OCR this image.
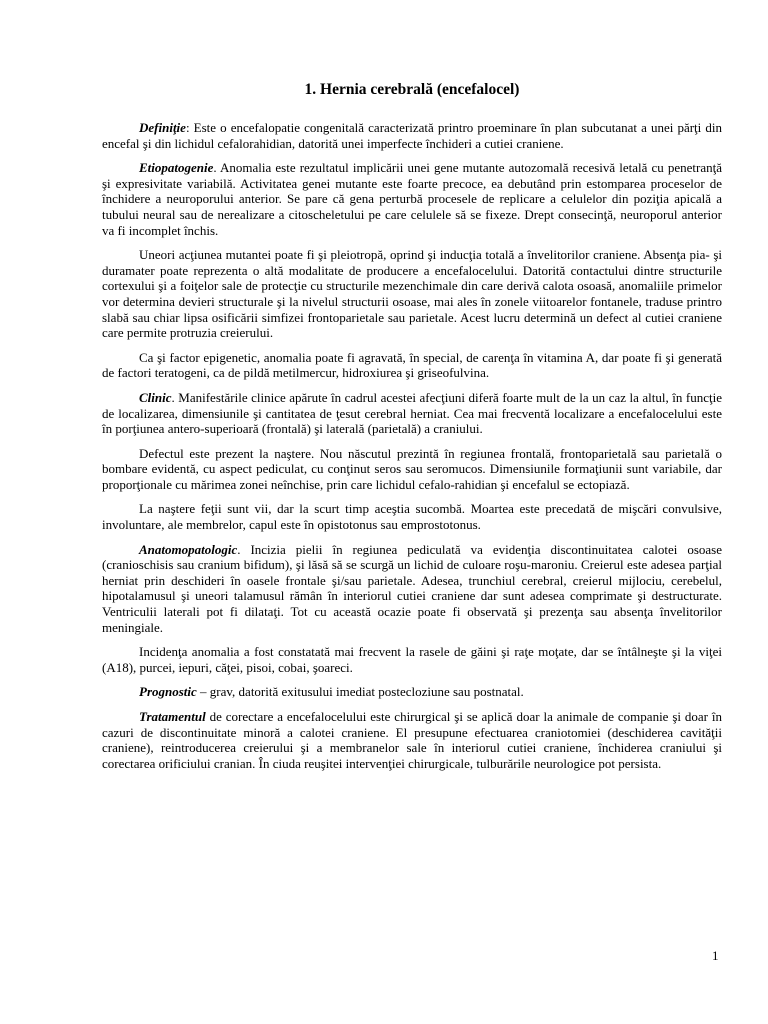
1. Hernia cerebrală (encefalocel)

Definiţie: Este o encefalopatie congenitală caracterizată printro proeminare în plan subcutanat a unei părţi din encefal şi din lichidul cefalorahidian, datorită unei imperfecte închideri a cutiei craniene.

Etiopatogenie. Anomalia este rezultatul implicării unei gene mutante autozomală recesivă letală cu penetranţă şi expresivitate variabilă. Activitatea genei mutante este foarte precoce, ea debutând prin estomparea proceselor de închidere a neuroporului anterior. Se pare că gena perturbă procesele de replicare a celulelor din poziţia apicală a tubului neural sau de nerealizare a citoscheletului pe care celulele să se fixeze. Drept consecinţă, neuroporul anterior va fi incomplet închis.

Uneori acţiunea mutantei poate fi şi pleiotropă, oprind şi inducţia totală a învelitorilor craniene. Absenţa pia- şi duramater poate reprezenta o altă modalitate de producere a encefalocelului. Datorită contactului dintre structurile cortexului şi a foiţelor sale de protecţie cu structurile mezenchimale din care derivă calota osoasă, anomaliile primelor vor determina devieri structurale şi la nivelul structurii osoase, mai ales în zonele viitoarelor fontanele, traduse printro slabă sau chiar lipsa osificării simfizei frontoparietale sau parietale. Acest lucru determină un defect al cutiei craniene care permite protruzia creierului.

Ca şi factor epigenetic, anomalia poate fi agravată, în special, de carenţa în vitamina A, dar poate fi şi generată de factori teratogeni, ca de pildă metilmercur, hidroxiurea şi griseofulvina.

Clinic. Manifestările clinice apărute în cadrul acestei afecţiuni diferă foarte mult de la un caz la altul, în funcţie de localizarea, dimensiunile şi cantitatea de ţesut cerebral herniat. Cea mai frecventă localizare a encefalocelului este în porţiunea antero-superioară (frontală) şi laterală (parietală) a craniului.

Defectul este prezent la naştere. Nou născutul prezintă în regiunea frontală, frontoparietală sau parietală o bombare evidentă, cu aspect pediculat, cu conţinut seros sau seromucos. Dimensiunile formaţiunii sunt variabile, dar proporţionale cu mărimea zonei neînchise, prin care lichidul cefalo-rahidian şi encefalul se ectopiază.

La naştere feţii sunt vii, dar la scurt timp aceştia sucombă. Moartea este precedată de mişcări convulsive, involuntare, ale membrelor, capul este în opistotonus sau emprostotonus.

Anatomopatologic. Incizia pielii în regiunea pediculată va evidenţia discontinuitatea calotei osoase (cranioschisis sau cranium bifidum), şi lăsă să se scurgă un lichid de culoare roşu-maroniu. Creierul este adesea parţial herniat prin deschideri în oasele frontale şi/sau parietale. Adesea, trunchiul cerebral, creierul mijlociu, cerebelul, hipotalamusul şi uneori talamusul rămân în interiorul cutiei craniene dar sunt adesea comprimate şi destructurate. Ventriculii laterali pot fi dilataţi. Tot cu această ocazie poate fi observată şi prezenţa sau absenţa învelitorilor meningiale.

Incidenţa anomalia a fost constatată mai frecvent la rasele de găini şi raţe moţate, dar se întâlneşte şi la viţei (A18), purcei, iepuri, căţei, pisoi, cobai, şoareci.

Prognostic – grav, datorită exitusului imediat postecloziune sau postnatal.

Tratamentul de corectare a encefalocelului este chirurgical şi se aplică doar la animale de companie şi doar în cazuri de discontinuitate minoră a calotei craniene. El presupune efectuarea craniotomiei (deschiderea cavităţii craniene), reintroducerea creierului şi a membranelor sale în interiorul cutiei craniene, închiderea craniului şi corectarea orificiului cranian. În ciuda reuşitei intervenţiei chirurgicale, tulburările neurologice pot persista.

1
